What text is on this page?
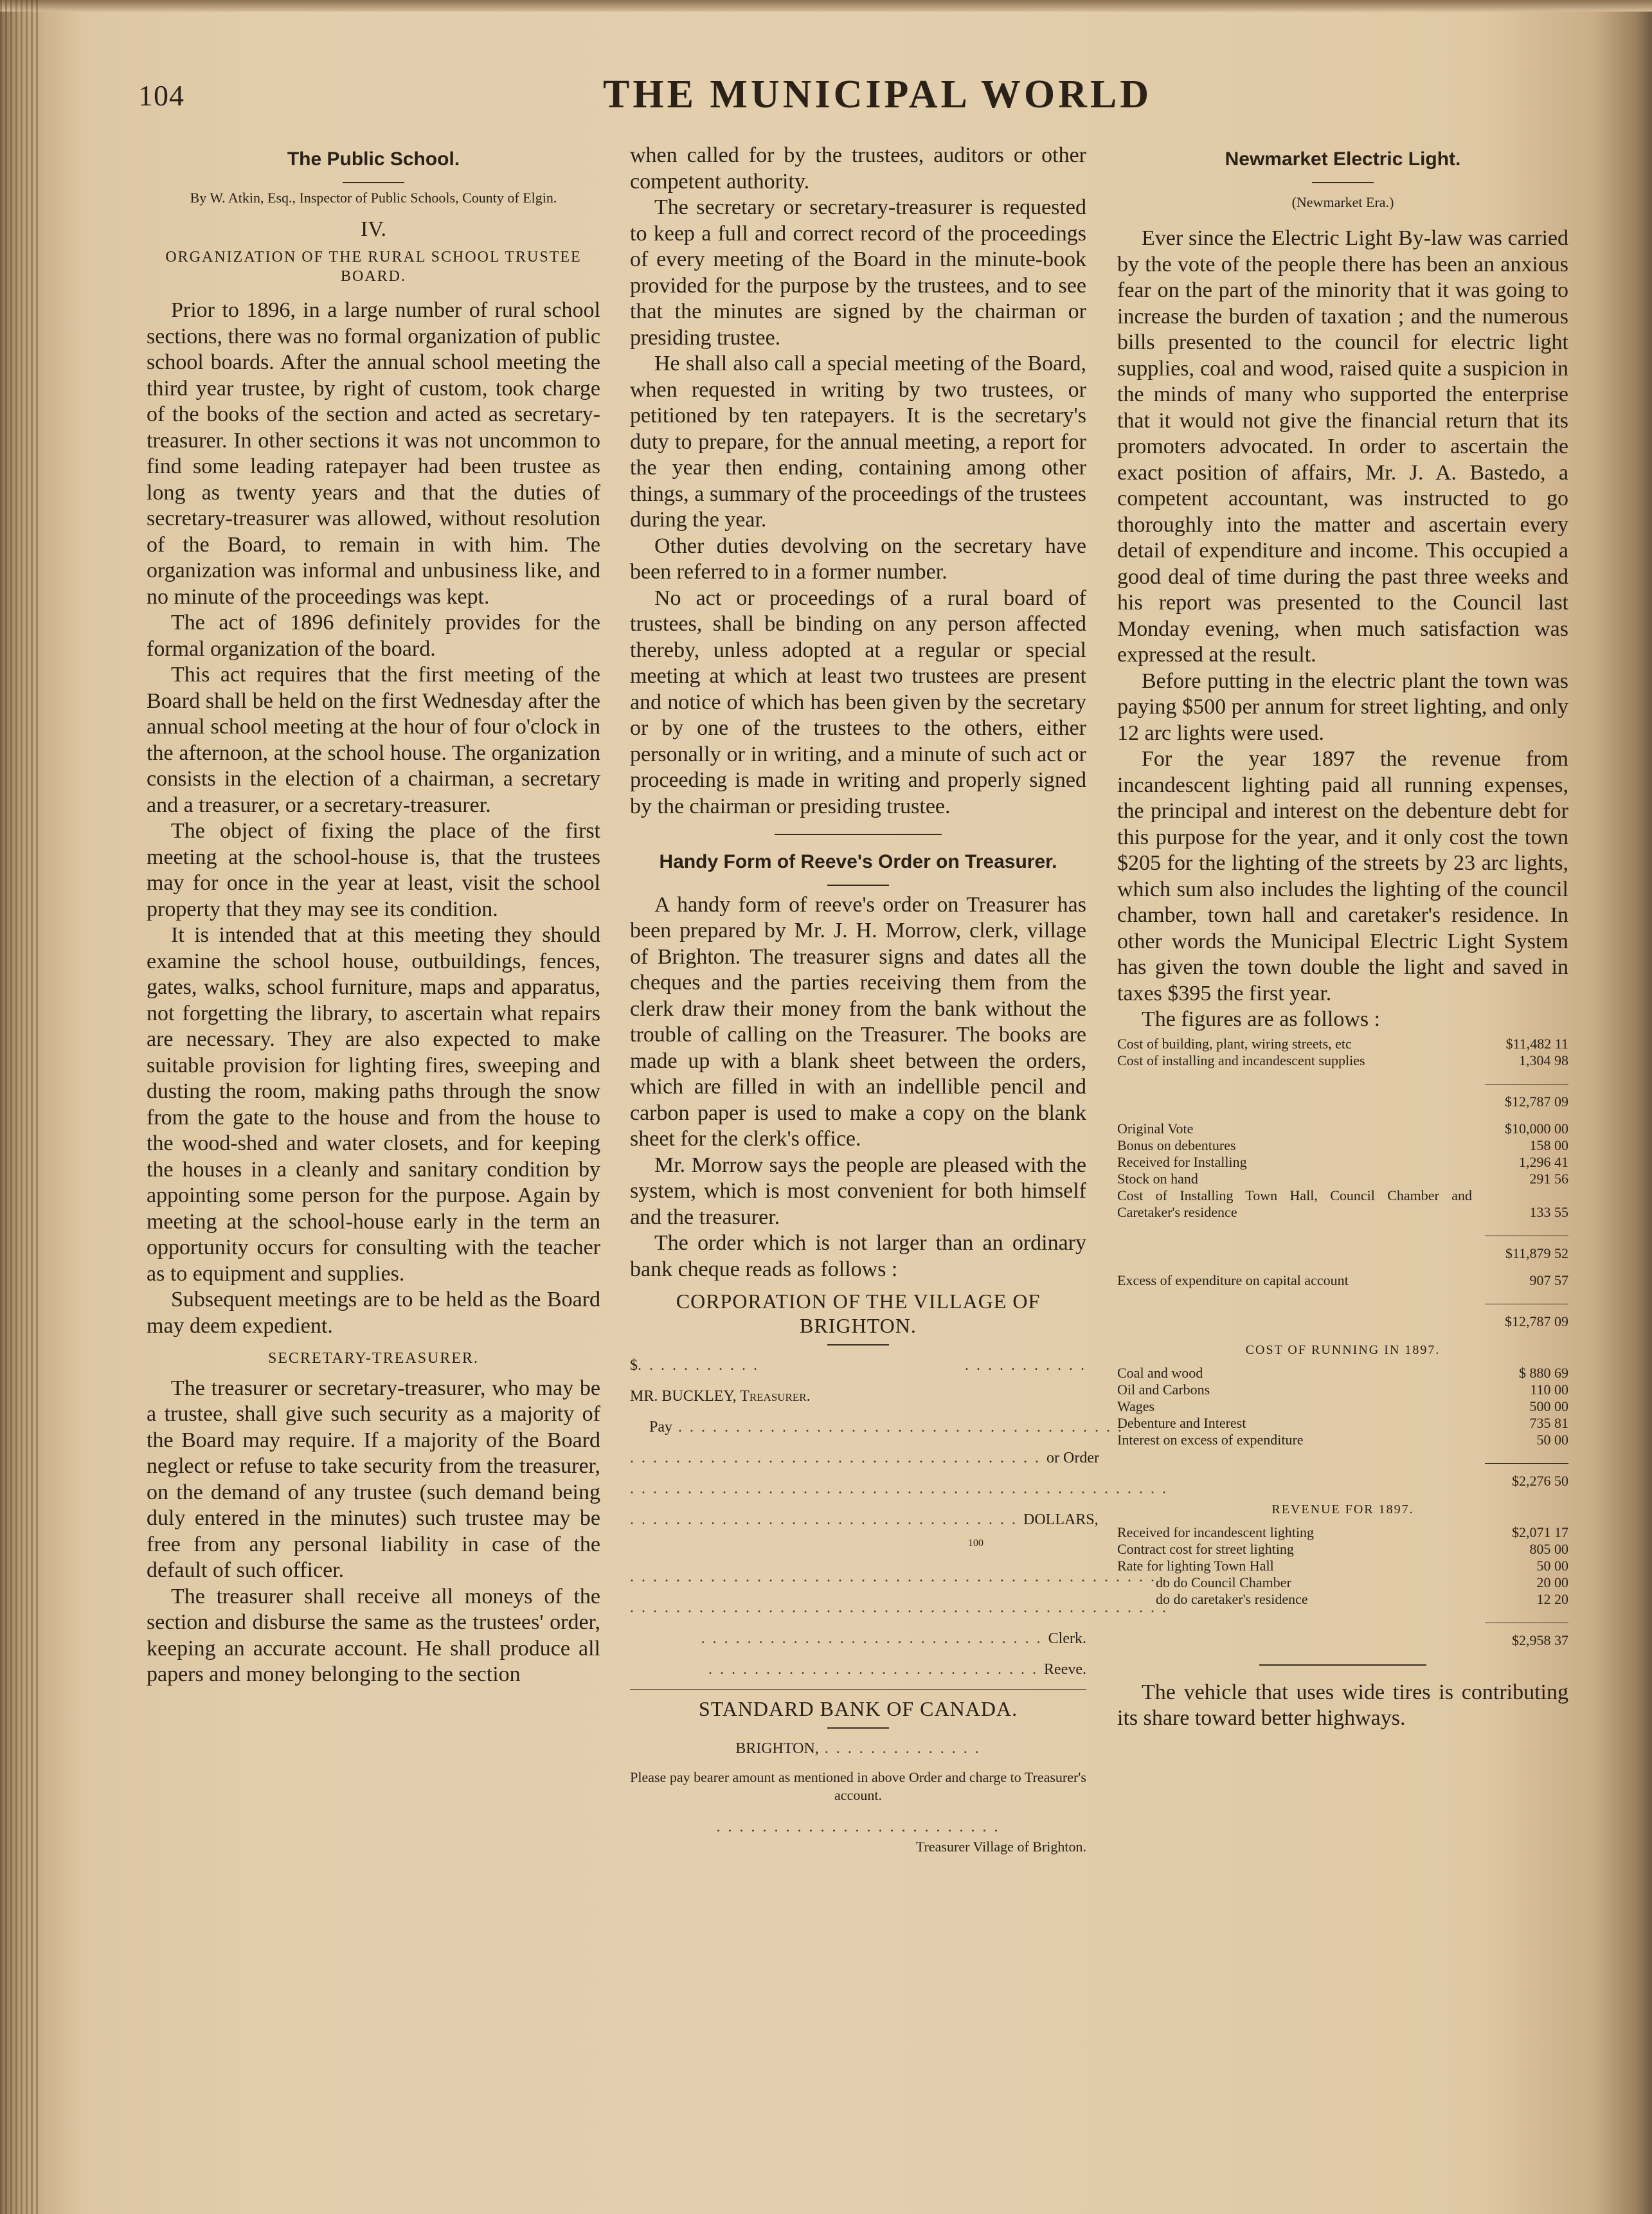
104	THE MUNICIPAL WORLD
The Public School.
By W. Atkin, Esq., Inspector of Public Schools, County of Elgin.
IV.
ORGANIZATION OF THE RURAL SCHOOL TRUSTEE BOARD.

Prior to 1896, in a large number of rural school sections, there was no formal organization of public school boards. After the annual school meeting the third year trustee, by right of custom, took charge of the books of the section and acted as secretary-treasurer. In other sections it was not uncommon to find some leading ratepayer had been trustee as long as twenty years and that the duties of secretary-treasurer was allowed, without resolution of the Board, to remain in with him. The organization was informal and unbusiness like, and no minute of the proceedings was kept.

The act of 1896 definitely provides for the formal organization of the board.

This act requires that the first meeting of the Board shall be held on the first Wednesday after the annual school meeting at the hour of four o'clock in the afternoon, at the school house. The organization consists in the election of a chairman, a secretary and a treasurer, or a secretary-treasurer.

The object of fixing the place of the first meeting at the school-house is, that the trustees may for once in the year at least, visit the school property that they may see its condition.

It is intended that at this meeting they should examine the school house, outbuildings, fences, gates, walks, school furniture, maps and apparatus, not forgetting the library, to ascertain what repairs are necessary. They are also expected to make suitable provision for lighting fires, sweeping and dusting the room, making paths through the snow from the gate to the house and from the house to the wood-shed and water closets, and for keeping the houses in a cleanly and sanitary condition by appointing some person for the purpose. Again by meeting at the school-house early in the term an opportunity occurs for consulting with the teacher as to equipment and supplies.

Subsequent meetings are to be held as the Board may deem expedient.

SECRETARY-TREASURER.

The treasurer or secretary-treasurer, who may be a trustee, shall give such security as a majority of the Board may require. If a majority of the Board neglect or refuse to take security from the treasurer, on the demand of any trustee (such demand being duly entered in the minutes) such trustee may be free from any personal liability in case of the default of such officer.

The treasurer shall receive all moneys of the section and disburse the same as the trustees' order, keeping an accurate account. He shall produce all papers and money belonging to the section

when called for by the trustees, auditors or other competent authority.

The secretary or secretary-treasurer is requested to keep a full and correct record of the proceedings of every meeting of the Board in the minute-book provided for the purpose by the trustees, and to see that the minutes are signed by the chairman or presiding trustee.

He shall also call a special meeting of the Board, when requested in writing by two trustees, or petitioned by ten ratepayers. It is the secretary's duty to prepare, for the annual meeting, a report for the year then ending, containing among other things, a summary of the proceedings of the trustees during the year.

Other duties devolving on the secretary have been referred to in a former number.

No act or proceedings of a rural board of trustees, shall be binding on any person affected thereby, unless adopted at a regular or special meeting at which at least two trustees are present and notice of which has been given by the secretary or by one of the trustees to the others, either personally or in writing, and a minute of such act or proceeding is made in writing and properly signed by the chairman or presiding trustee.

Handy Form of Reeve's Order on Treasurer.

A handy form of reeve's order on Treasurer has been prepared by Mr. J. H. Morrow, clerk, village of Brighton. The treasurer signs and dates all the cheques and the parties receiving them from the clerk draw their money from the bank without the trouble of calling on the Treasurer. The books are made up with a blank sheet between the orders, which are filled in with an indellible pencil and carbon paper is used to make a copy on the blank sheet for the clerk's office.

Mr. Morrow says the people are pleased with the system, which is most convenient for both himself and the treasurer.

The order which is not larger than an ordinary bank cheque reads as follows :

CORPORATION OF THE VILLAGE OF BRIGHTON.
$. . . . . . . . . . .	. . . . . . . . . . .
MR. BUCKLEY, Treasurer.
Pay . . . . . . . . . . . . . . . . . . . . . . . . . . . . . . . . . . . . . . .
. . . . . . . . . . . . . . . . . . . . . . . . . . . . . . . . . . . . or Order
. . . . . . . . . . . . . . . . . . . . . . . . . . . . . . . . . . . . . . . . . . . . . . .
. . . . . . . . . . . . . . . . . . . . . . . . . . . . . . . . . . DOLLARS,
100
. . . . . . . . . . . . . . . . . . . . . . . . . . . . . . . . . . . . . . . . . . . . . . .
. . . . . . . . . . . . . . . . . . . . . . . . . . . . . . . . . . . . . . . . . . . . . . .
. . . . . . . . . . . . . . . . . . . . . . . . . . . . . . Clerk.
. . . . . . . . . . . . . . . . . . . . . . . . . . . . . Reeve.
STANDARD BANK OF CANADA.
BRIGHTON, . . . . . . . . . . . . . .
Please pay bearer amount as mentioned in above Order and charge to Treasurer's account.
. . . . . . . . . . . . . . . . . . . . . . . . .
Treasurer Village of Brighton.
Newmarket Electric Light.
(Newmarket Era.)

Ever since the Electric Light By-law was carried by the vote of the people there has been an anxious fear on the part of the minority that it was going to increase the burden of taxation ; and the numerous bills presented to the council for electric light supplies, coal and wood, raised quite a suspicion in the minds of many who supported the enterprise that it would not give the financial return that its promoters advocated. In order to ascertain the exact position of affairs, Mr. J. A. Bastedo, a competent accountant, was instructed to go thoroughly into the matter and ascertain every detail of expenditure and income. This occupied a good deal of time during the past three weeks and his report was presented to the Council last Monday evening, when much satisfaction was expressed at the result.

Before putting in the electric plant the town was paying $500 per annum for street lighting, and only 12 arc lights were used.

For the year 1897 the revenue from incandescent lighting paid all running expenses, the principal and interest on the debenture debt for this purpose for the year, and it only cost the town $205 for the lighting of the streets by 23 arc lights, which sum also includes the lighting of the council chamber, town hall and caretaker's residence. In other words the Municipal Electric Light System has given the town double the light and saved in taxes $395 the first year.

The figures are as follows :

Cost of building, plant, wiring streets, etc	$11,482 11
Cost of installing and incandescent supplies	1,304 98

$12,787 09
Original Vote	$10,000 00
Bonus on debentures	158 00
Received for Installing	1,296 41
Stock on hand	291 56
Cost of Installing Town Hall, Council Chamber and Caretaker's residence	133 55

$11,879 52
Excess of expenditure on capital account	907 57

$12,787 09
COST OF RUNNING IN 1897.
Coal and wood	$ 880 69
Oil and Carbons	110 00
Wages	500 00
Debenture and Interest	735 81
Interest on excess of expenditure	50 00

$2,276 50
REVENUE FOR 1897.
Received for incandescent lighting	$2,071 17
Contract cost for street lighting	805 00
Rate for lighting Town Hall	50 00
do do Council Chamber	20 00
do do caretaker's residence	12 20

$2,958 37

The vehicle that uses wide tires is contributing its share toward better highways.
